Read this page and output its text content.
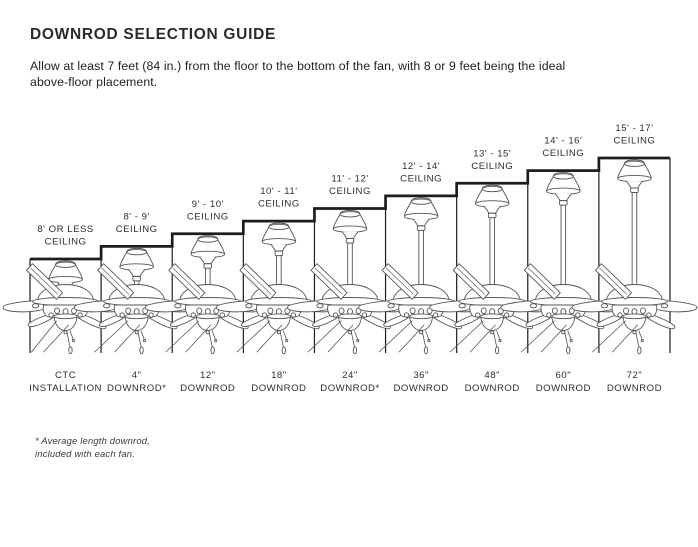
DOWNROD SELECTION GUIDE

Allow at least 7 feet (84 in.) from the floor to the bottom of the fan, with 8 or 9 feet being the ideal
above-floor placement.

8' OR LESS
CEILING
CTC
INSTALLATION
8' - 9'
CEILING
4"
DOWNROD*
9' - 10'
CEILING
12"
DOWNROD
10' - 11'
CEILING
18"
DOWNROD
11' - 12'
CEILING
24"
DOWNROD*
12' - 14'
CEILING
36"
DOWNROD
13' - 15'
CEILING
48"
DOWNROD
14' - 16'
CEILING
60"
DOWNROD
15' - 17'
CEILING
72"
DOWNROD
* Average length downrod,
included with each fan.
